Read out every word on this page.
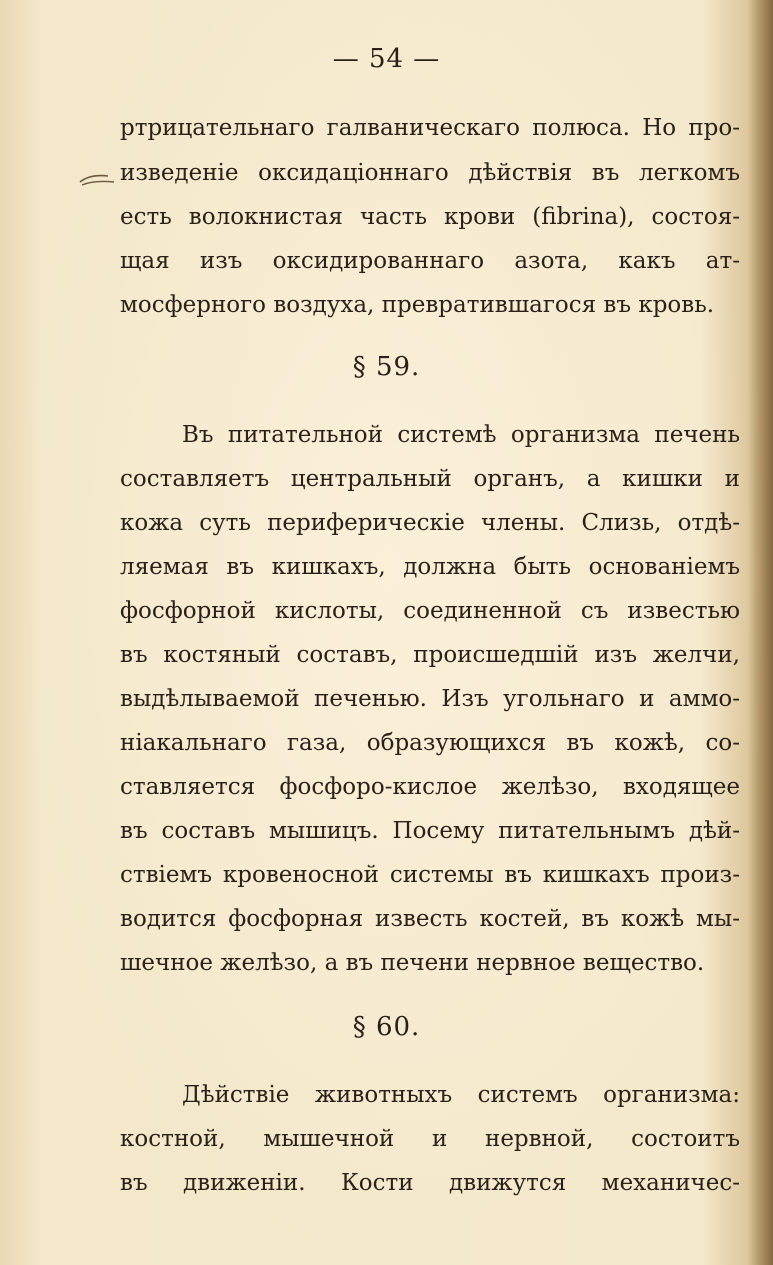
— 54 —
ртрицательнаго галваническаго полюса. Но про-
изведенiе оксидацiоннаго дѣйствiя въ легкомъ
есть волокнистая часть крови (fibrina), состоя-
щая изъ оксидированнаго азота, какъ ат-
мосферного воздуха, превратившагося въ кровь.
§ 59.
Въ питательной системѣ организма печень
составляетъ центральный органъ, а кишки и
кожа суть периферическiе члены. Слизь, отдѣ-
ляемая въ кишкахъ, должна быть основанiемъ
фосфорной кислоты, соединенной съ известью
въ костяный составъ, происшедшiй изъ желчи,
выдѣлываемой печенью. Изъ угольнаго и аммо-
нiакальнаго газа, образующихся въ кожѣ, со-
ставляется фосфоро-кислое желѣзо, входящее
въ составъ мышицъ. Посему питательнымъ дѣй-
ствiемъ кровеносной системы въ кишкахъ произ-
водится фосфорная известь костей, въ кожѣ мы-
шечное желѣзо, а въ печени нервное вещество.
§ 60.
Дѣйствiе животныхъ системъ организма:
костной, мышечной и нервной, состоитъ
въ движенiи. Кости движутся механичес-
